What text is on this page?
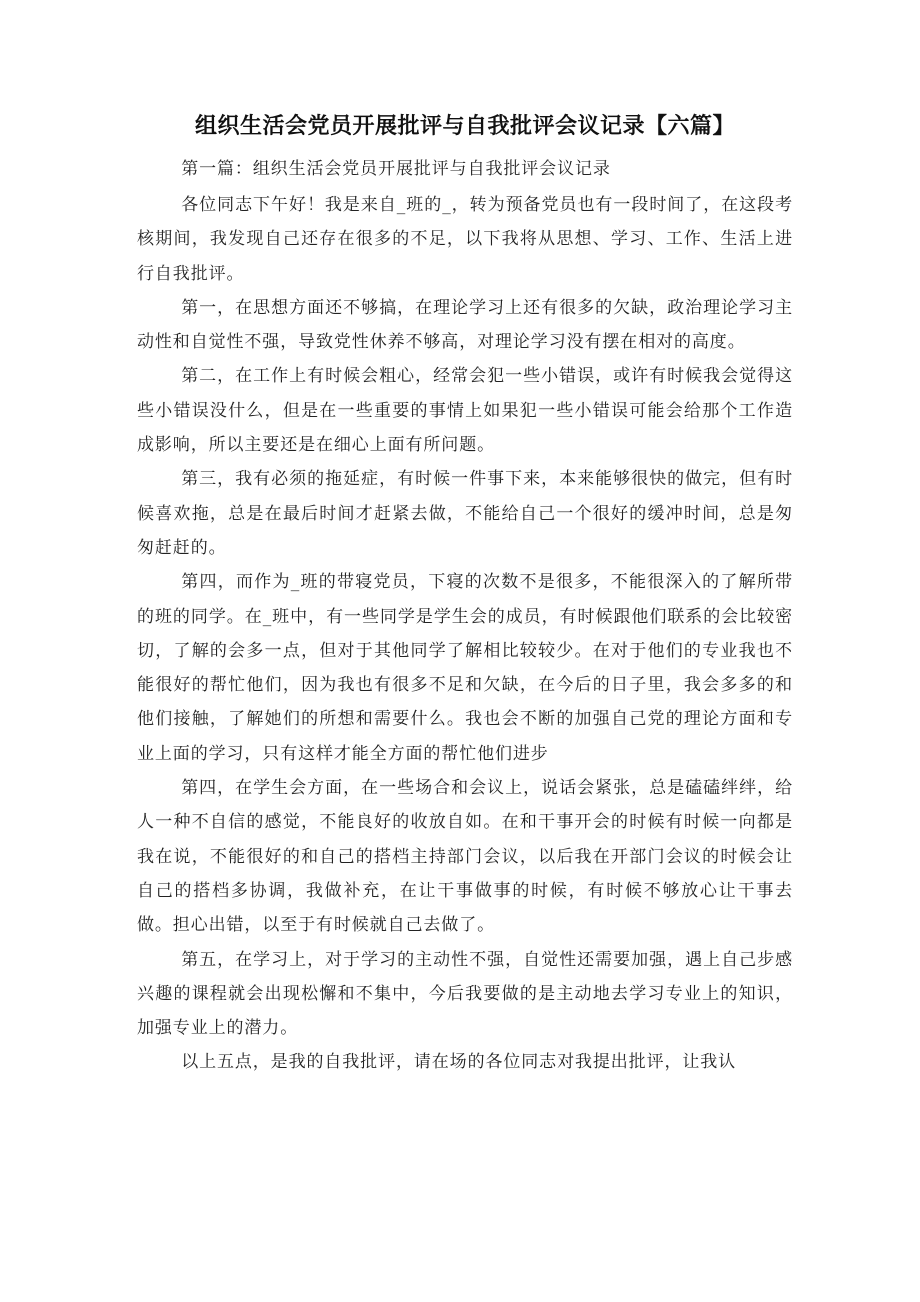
组织生活会党员开展批评与自我批评会议记录【六篇】

第一篇：组织生活会党员开展批评与自我批评会议记录

各位同志下午好！我是来自_班的_，转为预备党员也有一段时间了，在这段考核期间，我发现自己还存在很多的不足，以下我将从思想、学习、工作、生活上进行自我批评。

第一，在思想方面还不够搞，在理论学习上还有很多的欠缺，政治理论学习主动性和自觉性不强，导致党性休养不够高，对理论学习没有摆在相对的高度。

第二，在工作上有时候会粗心，经常会犯一些小错误，或许有时候我会觉得这些小错误没什么，但是在一些重要的事情上如果犯一些小错误可能会给那个工作造成影响，所以主要还是在细心上面有所问题。

第三，我有必须的拖延症，有时候一件事下来，本来能够很快的做完，但有时候喜欢拖，总是在最后时间才赶紧去做，不能给自己一个很好的缓冲时间，总是匆匆赶赶的。

第四，而作为_班的带寝党员，下寝的次数不是很多，不能很深入的了解所带的班的同学。在_班中，有一些同学是学生会的成员，有时候跟他们联系的会比较密切，了解的会多一点，但对于其他同学了解相比较较少。在对于他们的专业我也不能很好的帮忙他们，因为我也有很多不足和欠缺，在今后的日子里，我会多多的和他们接触，了解她们的所想和需要什么。我也会不断的加强自己党的理论方面和专业上面的学习，只有这样才能全方面的帮忙他们进步

第四，在学生会方面，在一些场合和会议上，说话会紧张，总是磕磕绊绊，给人一种不自信的感觉，不能良好的收放自如。在和干事开会的时候有时候一向都是我在说，不能很好的和自己的搭档主持部门会议，以后我在开部门会议的时候会让自己的搭档多协调，我做补充，在让干事做事的时候，有时候不够放心让干事去做。担心出错，以至于有时候就自己去做了。

第五，在学习上，对于学习的主动性不强，自觉性还需要加强，遇上自己步感兴趣的课程就会出现松懈和不集中，今后我要做的是主动地去学习专业上的知识，加强专业上的潜力。

以上五点，是我的自我批评，请在场的各位同志对我提出批评，让我认
